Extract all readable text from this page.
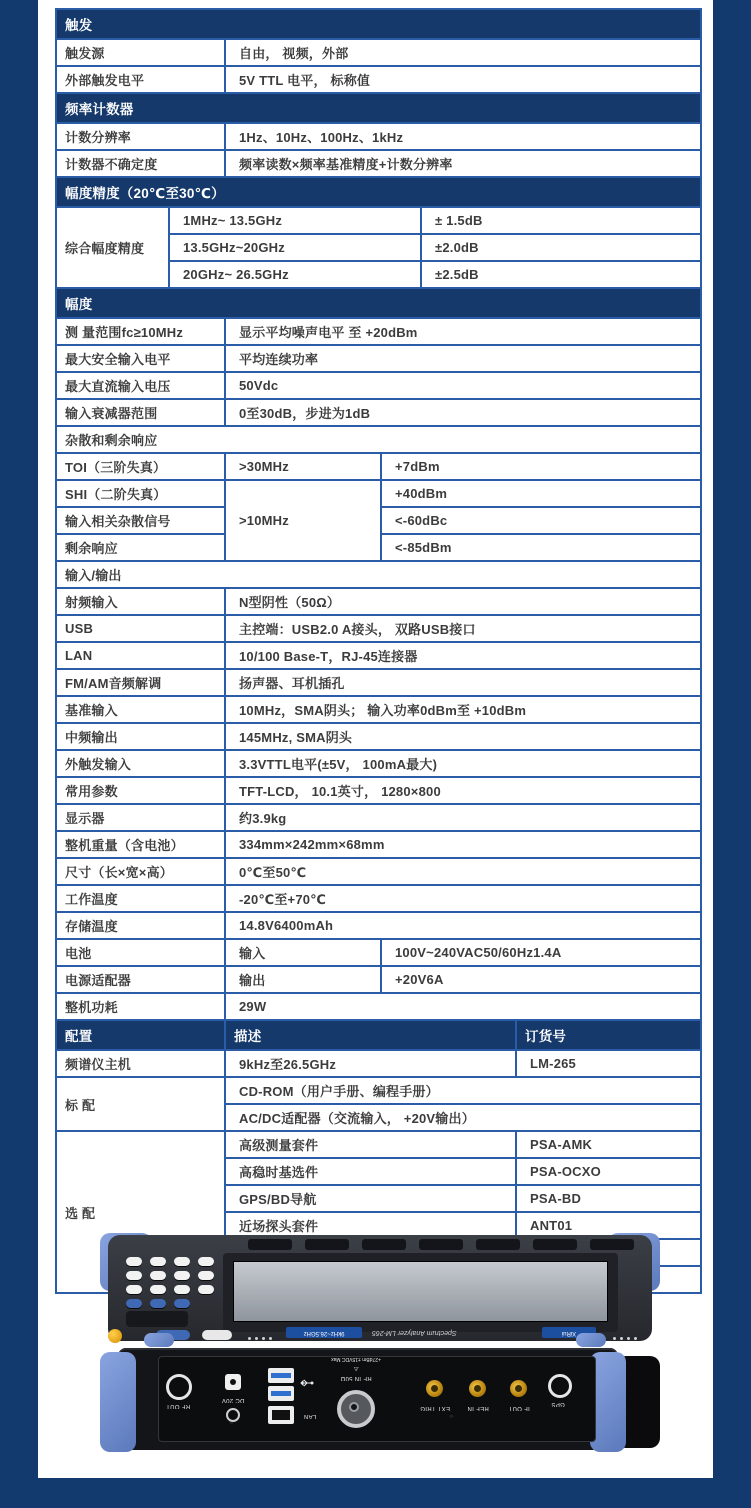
触发					
触发源		自由， 视频，外部			
外部触发电平		5V TTL 电平， 标称值			
频率计数器					
计数分辨率		1Hz、10Hz、100Hz、1kHz			
计数器不确定度		频率读数×频率基准精度+计数分辨率			
幅度精度（20℃至30℃）					
综合幅度精度	1MHz~ 13.5GHz			± 1.5dB	
	13.5GHz~20GHz			±2.0dB	
	20GHz~ 26.5GHz			±2.5dB	
幅度					
测 量范围fc≥10MHz		显示平均噪声电平 至 +20dBm			
最大安全输入电平		平均连续功率			
最大直流输入电压		50Vdc			
输入衰减器范围		0至30dB，步进为1dB			
杂散和剩余响应					
TOI（三阶失真）		>30MHz	+7dBm		
SHI（二阶失真）		>10MHz	+40dBm		
输入相关杂散信号			<-60dBc		
剩余响应			<-85dBm		
输入/输出					
射频输入		N型阴性（50Ω）			
USB		主控端：USB2.0 A接头， 双路USB接口			
LAN		10/100 Base-T，RJ-45连接器			
FM/AM音频解调		扬声器、耳机插孔			
基准输入		10MHz，SMA阴头； 输入功率0dBm至 +10dBm			
中频输出		145MHz, SMA阴头			
外触发输入		3.3VTTL电平(±5V， 100mA最大)			
常用参数		TFT-LCD， 10.1英寸， 1280×800			
显示器		约3.9kg			
整机重量（含电池）		334mm×242mm×68mm			
尺寸（长×宽×高）		0℃至50℃			
工作温度		-20℃至+70℃			
存储温度		14.8V6400mAh			
电池		输入	100V~240VAC50/60Hz1.4A		
电源适配器		输出	+20V6A		
整机功耗		29W			
配置		描述			订货号
频谱仪主机		9kHz至26.5GHz			LM-265
标 配		CD-ROM（用户手册、编程手册）			
		AC/DC适配器（交流输入， +20V输出）			
选 配		高级测量套件			PSA-AMK
		高稳时基选件			PSA-OCXO
		GPS/BD导航			PSA-BD
		近场探头套件			ANT01

9kHz~26.5GHz	Spectrum Analyzer LM-265	XiRui
RF OUT
DC 20V
LAN
+27dBm ±15VDC Max
⚠
RF IN 50Ω
EXT TRIG	REF IN	IF OUT
GPS
